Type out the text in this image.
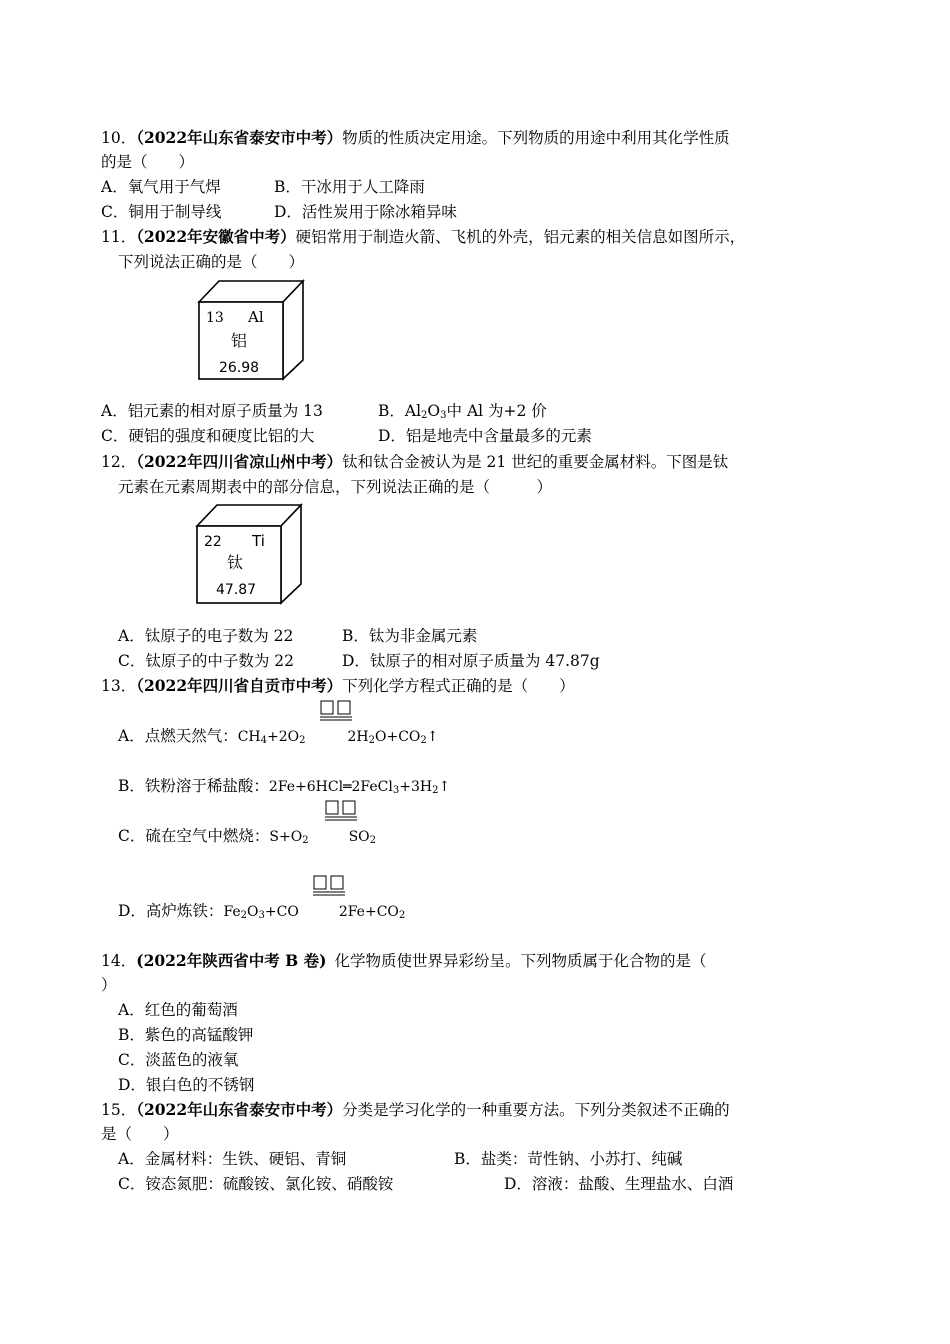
10．（2022年山东省泰安市中考）物质的性质决定用途。下列物质的用途中利用其化学性质
的是（　　）
A．氧气用于气焊	B．干冰用于人工降雨
C．铜用于制导线	D．活性炭用于除冰箱异味
11．（2022年安徽省中考）硬铝常用于制造火箭、飞机的外壳，铝元素的相关信息如图所示，
下列说法正确的是（　　）
13 Al
铝
26.98
A．铝元素的相对原子质量为 13	B．$Al_2O_3$中 Al 为+2 价
C．硬铝的强度和硬度比铝的大	D．铝是地壳中含量最多的元素
12．（2022年四川省凉山州中考）钛和钛合金被认为是 21 世纪的重要金属材料。下图是钛
元素在元素周期表中的部分信息，下列说法正确的是（　　　）
22 Ti
钛
47.87
A．钛原子的电子数为 22	B．钛为非金属元素
C．钛原子的中子数为 22	D．钛原子的相对原子质量为 47.87g
13．（2022年四川省自贡市中考）下列化学方程式正确的是（　　）
A．点燃天然气：$CH_4+2O_2$	$2H_2O+CO_2↑$
B．铁粉溶于稀盐酸：$2Fe+6HCl═2FeCl_3+3H_2↑$
C．硫在空气中燃烧：$S+O_2$	$SO_2$
D．高炉炼铁：$Fe_2O_3+CO$	$2Fe+CO_2$
14．(2022年陕西省中考 B 卷) 化学物质使世界异彩纷呈。下列物质属于化合物的是（
）
A．红色的葡萄酒
B．紫色的高锰酸钾
C．淡蓝色的液氧
D．银白色的不锈钢
15．（2022年山东省泰安市中考）分类是学习化学的一种重要方法。下列分类叙述不正确的
是（　　）
A．金属材料：生铁、硬铝、青铜	B．盐类：苛性钠、小苏打、纯碱
C．铵态氮肥：硫酸铵、氯化铵、硝酸铵	D．溶液：盐酸、生理盐水、白酒
